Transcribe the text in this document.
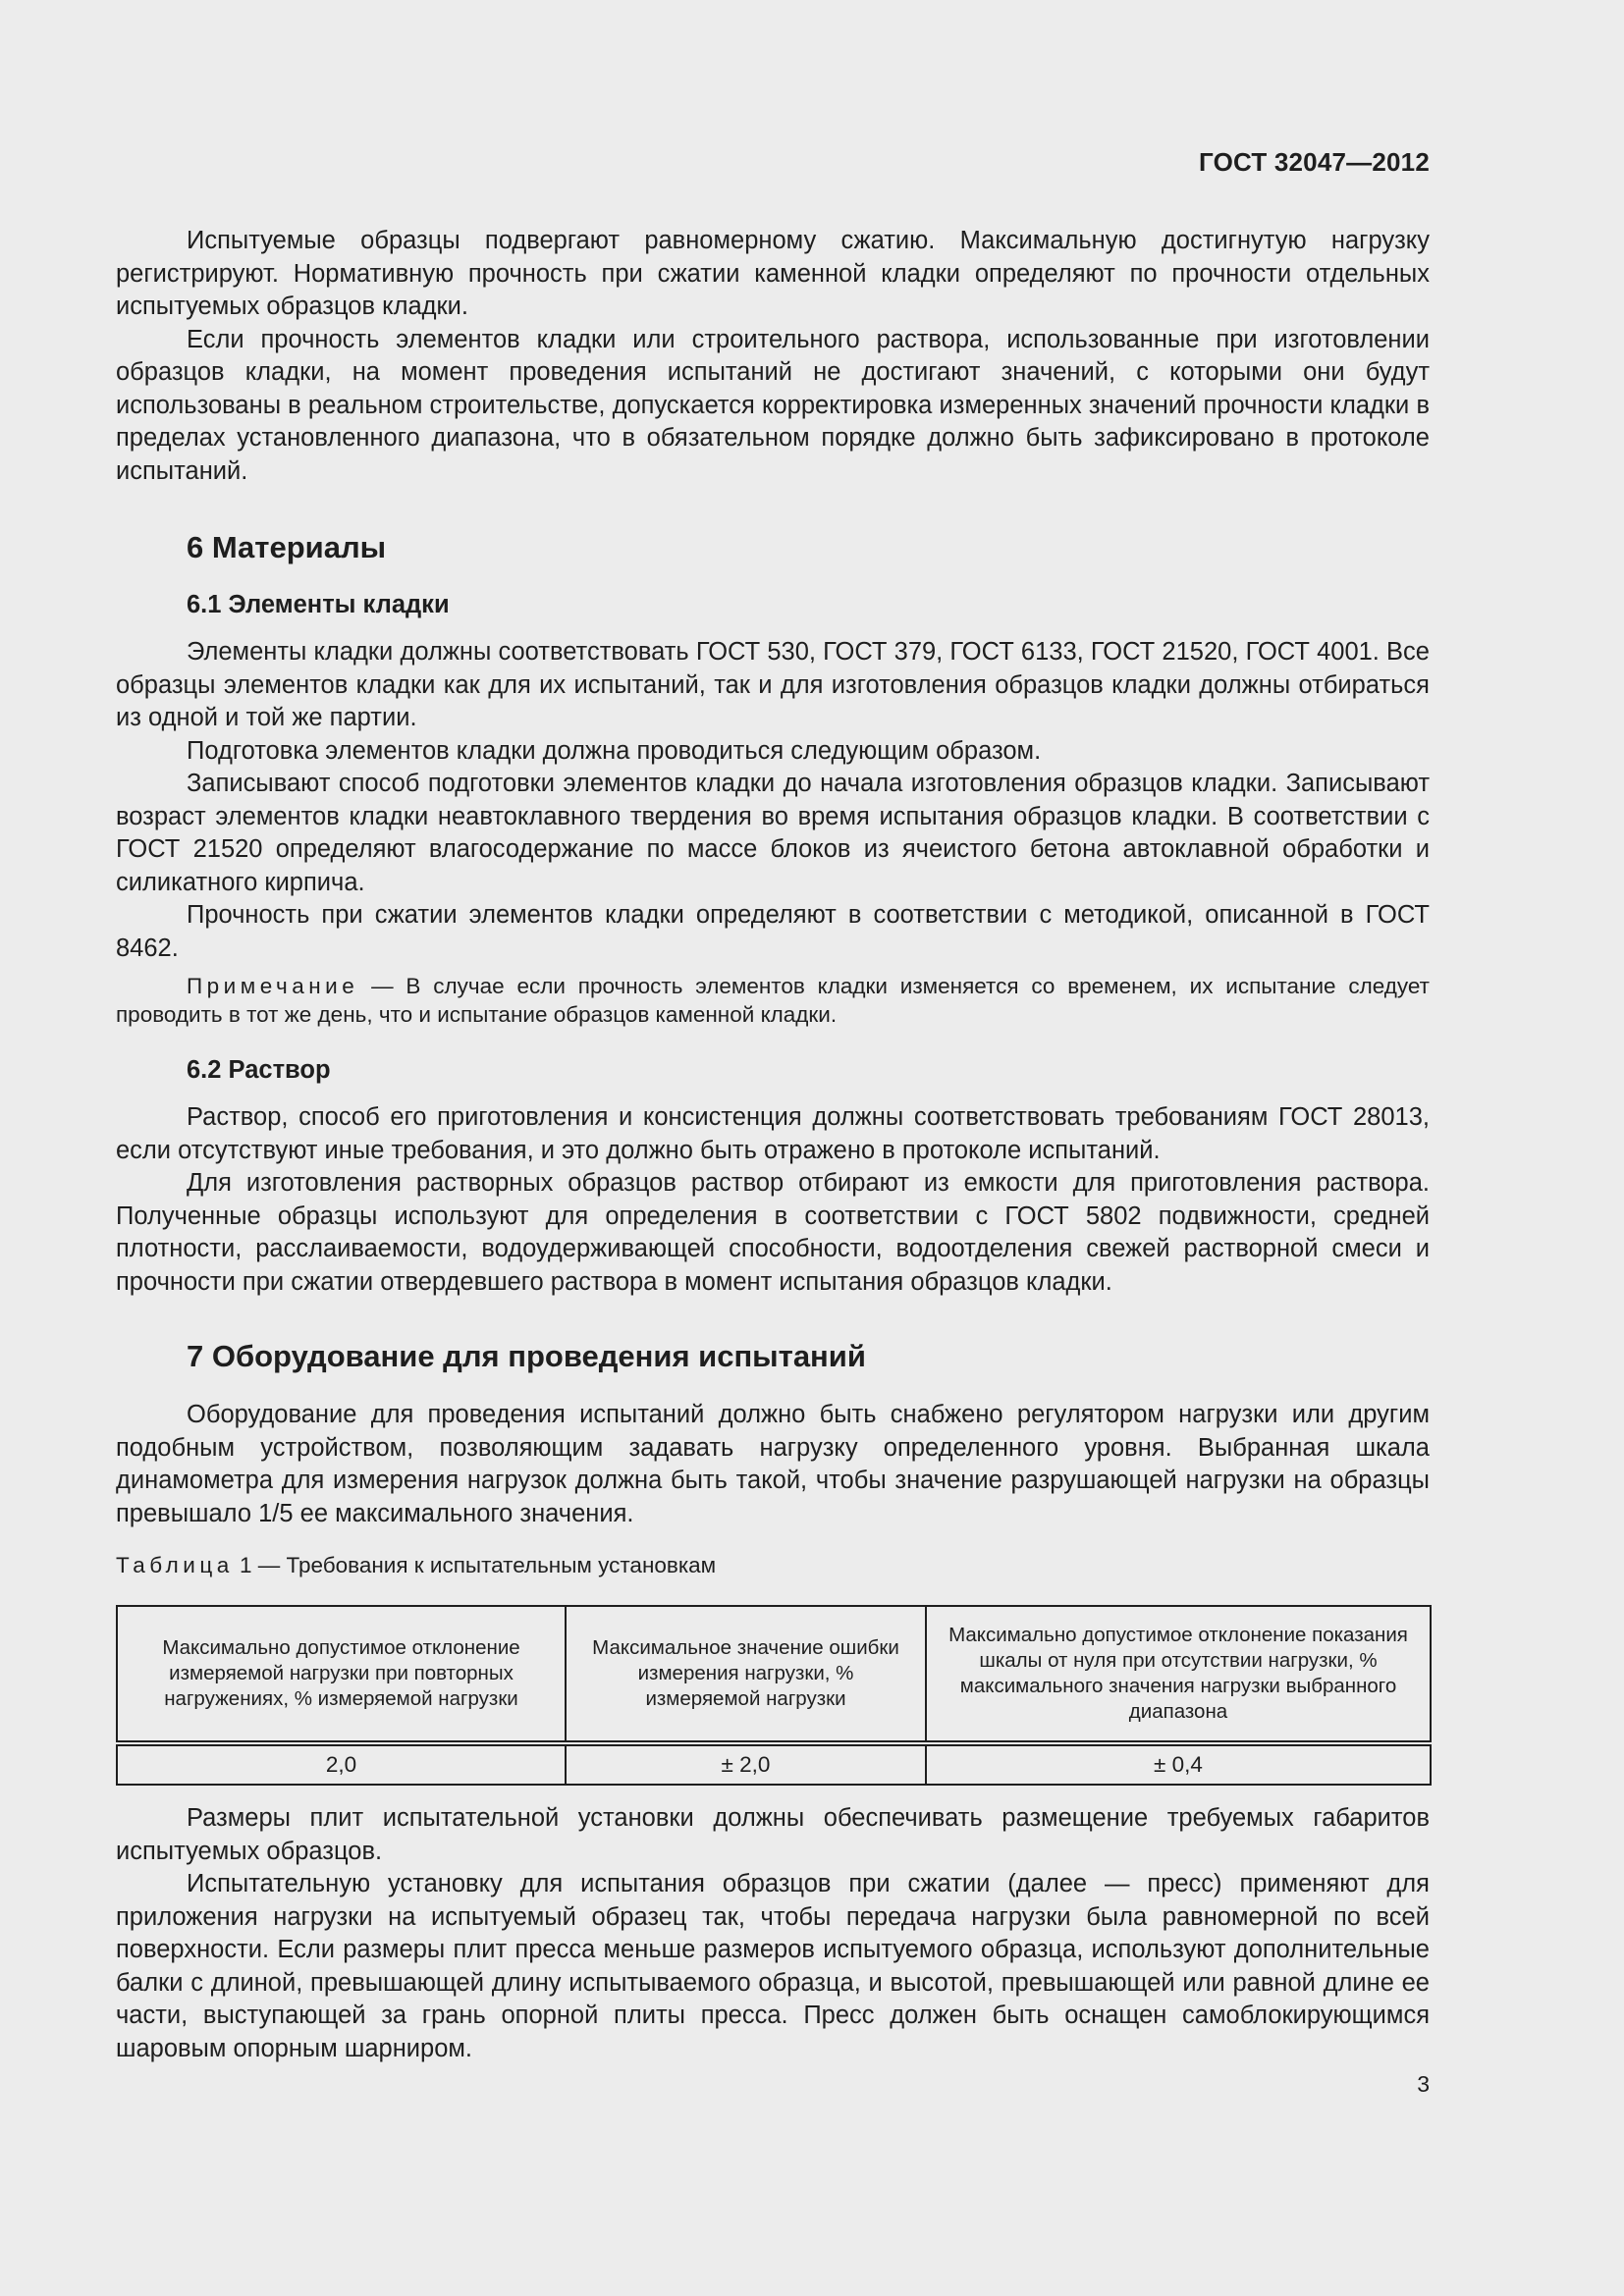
ГОСТ 32047—2012

Испытуемые образцы подвергают равномерному сжатию. Максимальную достигнутую нагрузку регистрируют. Нормативную прочность при сжатии каменной кладки определяют по прочности отдельных испытуемых образцов кладки.

Если прочность элементов кладки или строительного раствора, использованные при изготовлении образцов кладки, на момент проведения испытаний не достигают значений, с которыми они будут использованы в реальном строительстве, допускается корректировка измеренных значений прочности кладки в пределах установленного диапазона, что в обязательном порядке должно быть зафиксировано в протоколе испытаний.

6 Материалы
6.1 Элементы кладки

Элементы кладки должны соответствовать ГОСТ 530, ГОСТ 379, ГОСТ 6133, ГОСТ 21520, ГОСТ 4001. Все образцы элементов кладки как для их испытаний, так и для изготовления образцов кладки должны отбираться из одной и той же партии.

Подготовка элементов кладки должна проводиться следующим образом.

Записывают способ подготовки элементов кладки до начала изготовления образцов кладки. Записывают возраст элементов кладки неавтоклавного твердения во время испытания образцов кладки. В соответствии с ГОСТ 21520 определяют влагосодержание по массе блоков из ячеистого бетона автоклавной обработки и силикатного кирпича.

Прочность при сжатии элементов кладки определяют в соответствии с методикой, описанной в ГОСТ 8462.

Примечание — В случае если прочность элементов кладки изменяется со временем, их испытание следует проводить в тот же день, что и испытание образцов каменной кладки.

6.2 Раствор

Раствор, способ его приготовления и консистенция должны соответствовать требованиям ГОСТ 28013, если отсутствуют иные требования, и это должно быть отражено в протоколе испытаний.

Для изготовления растворных образцов раствор отбирают из емкости для приготовления раствора. Полученные образцы используют для определения в соответствии с ГОСТ 5802 подвижности, средней плотности, расслаиваемости, водоудерживающей способности, водоотделения свежей растворной смеси и прочности при сжатии отвердевшего раствора в момент испытания образцов кладки.

7 Оборудование для проведения испытаний

Оборудование для проведения испытаний должно быть снабжено регулятором нагрузки или другим подобным устройством, позволяющим задавать нагрузку определенного уровня. Выбранная шкала динамометра для измерения нагрузок должна быть такой, чтобы значение разрушающей нагрузки на образцы превышало 1/5 ее максимального значения.

Таблица 1 — Требования к испытательным установкам

Максимально допустимое отклонение измеряемой нагрузки при повторных нагружениях, % измеряемой нагрузки	Максимальное значение ошибки измерения нагрузки, % измеряемой нагрузки	Максимально допустимое отклонение показания шкалы от нуля при отсутствии нагрузки, % максимального значения нагрузки выбранного диапазона
2,0	± 2,0	± 0,4

Размеры плит испытательной установки должны обеспечивать размещение требуемых габаритов испытуемых образцов.

Испытательную установку для испытания образцов при сжатии (далее — пресс) применяют для приложения нагрузки на испытуемый образец так, чтобы передача нагрузки была равномерной по всей поверхности. Если размеры плит пресса меньше размеров испытуемого образца, используют дополнительные балки с длиной, превышающей длину испытываемого образца, и высотой, превышающей или равной длине ее части, выступающей за грань опорной плиты пресса. Пресс должен быть оснащен самоблокирующимся шаровым опорным шарниром.

3
